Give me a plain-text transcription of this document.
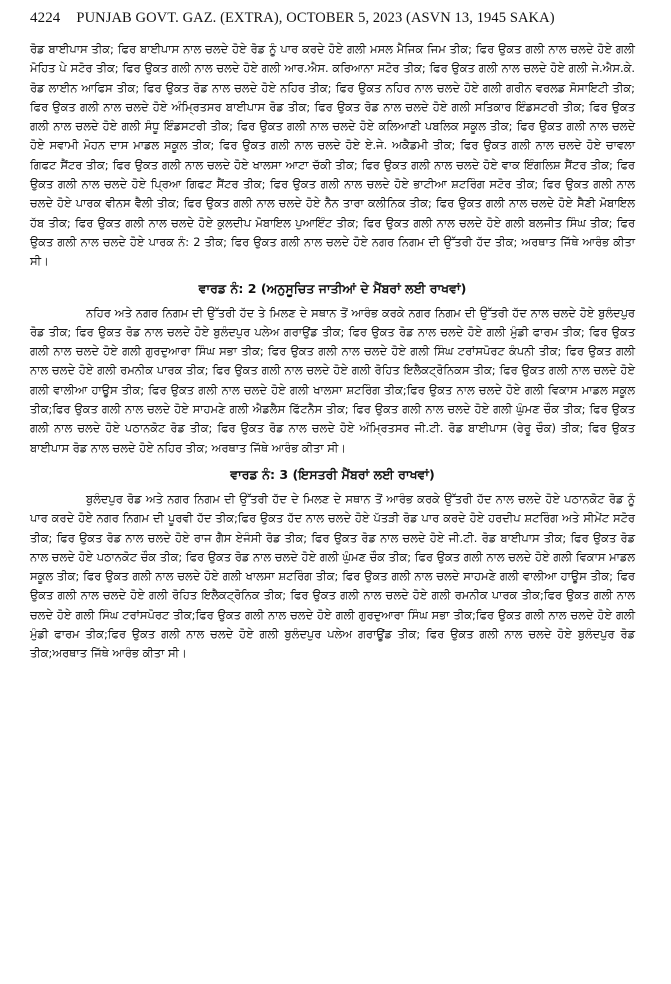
4224 PUNJAB GOVT. GAZ. (EXTRA), OCTOBER 5, 2023 (ASVN 13, 1945 SAKA)

ਰੋਡ ਬਾਈਪਾਸ ਤੀਕ; ਫਿਰ ਬਾਈਪਾਸ ਨਾਲ ਚਲਦੇ ਹੋਏ ਰੋਡ ਨੂੰ ਪਾਰ ਕਰਦੇ ਹੋਏ ਗਲੀ ਮਸਲ ਮੈਜਿਕ ਜਿਮ ਤੀਕ; ਫਿਰ ਉਕਤ ਗਲੀ ਨਾਲ ਚਲਦੇ ਹੋਏ ਗਲੀ ਮੋਹਿਤ ਪੇ ਸਟੋਰ ਤੀਕ; ਫਿਰ ਉਕਤ ਗਲੀ ਨਾਲ ਚਲਦੇ ਹੋਏ ਗਲੀ ਆਰ.ਐਸ. ਕਰਿਆਨਾ ਸਟੋਰ ਤੀਕ; ਫਿਰ ਉਕਤ ਗਲੀ ਨਾਲ ਚਲਦੇ ਹੋਏ ਗਲੀ ਜੇ.ਐਸ.ਕੇ. ਰੋਡ ਲਾਈਨ ਆਫਿਸ ਤੀਕ; ਫਿਰ ਉਕਤ ਰੋਡ ਨਾਲ ਚਲਦੇ ਹੋਏ ਨਹਿਰ ਤੀਕ; ਫਿਰ ਉਕਤ ਨਹਿਰ ਨਾਲ ਚਲਦੇ ਹੋਏ ਗਲੀ ਗਰੀਨ ਵਰਲਡ ਸੋਸਾਇਟੀ ਤੀਕ; ਫਿਰ ਉਕਤ ਗਲੀ ਨਾਲ ਚਲਦੇ ਹੋਏ ਅੰਮ੍ਰਿਤਸਰ ਬਾਈਪਾਸ ਰੋਡ ਤੀਕ; ਫਿਰ ਉਕਤ ਰੋਡ ਨਾਲ ਚਲਦੇ ਹੋਏ ਗਲੀ ਸਤਿਕਾਰ ਇੰਡਸਟਰੀ ਤੀਕ; ਫਿਰ ਉਕਤ ਗਲੀ ਨਾਲ ਚਲਦੇ ਹੋਏ ਗਲੀ ਸੰਧੂ ਇੰਡਸਟਰੀ ਤੀਕ; ਫਿਰ ਉਕਤ ਗਲੀ ਨਾਲ ਚਲਦੇ ਹੋਏ ਕਲਿਆਣੀ ਪਬਲਿਕ ਸਕੂਲ ਤੀਕ; ਫਿਰ ਉਕਤ ਗਲੀ ਨਾਲ ਚਲਦੇ ਹੋਏ ਸਵਾਮੀ ਮੋਹਨ ਦਾਸ ਮਾਡਲ ਸਕੂਲ ਤੀਕ; ਫਿਰ ਉਕਤ ਗਲੀ ਨਾਲ ਚਲਦੇ ਹੋਏ ਏ.ਜੇ. ਅਕੈਡਮੀ ਤੀਕ; ਫਿਰ ਉਕਤ ਗਲੀ ਨਾਲ ਚਲਦੇ ਹੋਏ ਚਾਵਲਾ ਗਿਫਟ ਸੈਂਟਰ ਤੀਕ; ਫਿਰ ਉਕਤ ਗਲੀ ਨਾਲ ਚਲਦੇ ਹੋਏ ਖਾਲਸਾ ਆਟਾ ਚੱਕੀ ਤੀਕ; ਫਿਰ ਉਕਤ ਗਲੀ ਨਾਲ ਚਲਦੇ ਹੋਏ ਵਾਕ ਇੰਗਲਿਸ਼ ਸੈਂਟਰ ਤੀਕ; ਫਿਰ ਉਕਤ ਗਲੀ ਨਾਲ ਚਲਦੇ ਹੋਏ ਪ੍ਰਿਆ ਗਿਫਟ ਸੈਂਟਰ ਤੀਕ; ਫਿਰ ਉਕਤ ਗਲੀ ਨਾਲ ਚਲਦੇ ਹੋਏ ਭਾਟੀਆ ਸ਼ਟਰਿੰਗ ਸਟੋਰ ਤੀਕ; ਫਿਰ ਉਕਤ ਗਲੀ ਨਾਲ ਚਲਦੇ ਹੋਏ ਪਾਰਕ ਵੀਨਸ ਵੈਲੀ ਤੀਕ; ਫਿਰ ਉਕਤ ਗਲੀ ਨਾਲ ਚਲਦੇ ਹੋਏ ਨੈਨ ਤਾਰਾ ਕਲੀਨਿਕ ਤੀਕ; ਫਿਰ ਉਕਤ ਗਲੀ ਨਾਲ ਚਲਦੇ ਹੋਏ ਸੈਣੀ ਮੋਬਾਇਲ ਹੱਬ ਤੀਕ; ਫਿਰ ਉਕਤ ਗਲੀ ਨਾਲ ਚਲਦੇ ਹੋਏ ਕੁਲਦੀਪ ਮੋਬਾਇਲ ਪੁਆਇੰਟ ਤੀਕ; ਫਿਰ ਉਕਤ ਗਲੀ ਨਾਲ ਚਲਦੇ ਹੋਏ ਗਲੀ ਬਲਜੀਤ ਸਿੰਘ ਤੀਕ; ਫਿਰ ਉਕਤ ਗਲੀ ਨਾਲ ਚਲਦੇ ਹੋਏ ਪਾਰਕ ਨੰ: 2 ਤੀਕ; ਫਿਰ ਉਕਤ ਗਲੀ ਨਾਲ ਚਲਦੇ ਹੋਏ ਨਗਰ ਨਿਗਮ ਦੀ ਉੱਤਰੀ ਹੱਦ ਤੀਕ; ਅਰਥਾਤ ਜਿੱਥੇ ਆਰੰਭ ਕੀਤਾ ਸੀ।

ਵਾਰਡ ਨੰ: 2 (ਅਨੁਸੂਚਿਤ ਜਾਤੀਆਂ ਦੇ ਮੈਂਬਰਾਂ ਲਈ ਰਾਖਵਾਂ)

ਨਹਿਰ ਅਤੇ ਨਗਰ ਨਿਗਮ ਦੀ ਉੱਤਰੀ ਹੱਦ ਤੇ ਮਿਲਣ ਦੇ ਸਥਾਨ ਤੋਂ ਆਰੰਭ ਕਰਕੇ ਨਗਰ ਨਿਗਮ ਦੀ ਉੱਤਰੀ ਹੱਦ ਨਾਲ ਚਲਦੇ ਹੋਏ ਬੁਲੰਦਪੁਰ ਰੋਡ ਤੀਕ; ਫਿਰ ਉਕਤ ਰੋਡ ਨਾਲ ਚਲਦੇ ਹੋਏ ਬੁਲੰਦਪੁਰ ਪਲੇਅ ਗਰਾਉਂਡ ਤੀਕ; ਫਿਰ ਉਕਤ ਰੋਡ ਨਾਲ ਚਲਦੇ ਹੋਏ ਗਲੀ ਮੁੰਡੀ ਫਾਰਮ ਤੀਕ; ਫਿਰ ਉਕਤ ਗਲੀ ਨਾਲ ਚਲਦੇ ਹੋਏ ਗਲੀ ਗੁਰਦੁਆਰਾ ਸਿੰਘ ਸਭਾ ਤੀਕ; ਫਿਰ ਉਕਤ ਗਲੀ ਨਾਲ ਚਲਦੇ ਹੋਏ ਗਲੀ ਸਿੰਘ ਟਰਾਂਸਪੋਰਟ ਕੰਪਨੀ ਤੀਕ; ਫਿਰ ਉਕਤ ਗਲੀ ਨਾਲ ਚਲਦੇ ਹੋਏ ਗਲੀ ਰਮਨੀਕ ਪਾਰਕ ਤੀਕ; ਫਿਰ ਉਕਤ ਗਲੀ ਨਾਲ ਚਲਦੇ ਹੋਏ ਗਲੀ ਰੋਹਿਤ ਇਲੈਕਟ੍ਰੋਨਿਕਸ ਤੀਕ; ਫਿਰ ਉਕਤ ਗਲੀ ਨਾਲ ਚਲਦੇ ਹੋਏ ਗਲੀ ਵਾਲੀਆ ਹਾਊਸ ਤੀਕ; ਫਿਰ ਉਕਤ ਗਲੀ ਨਾਲ ਚਲਦੇ ਹੋਏ ਗਲੀ ਖਾਲਸਾ ਸ਼ਟਰਿੰਗ ਤੀਕ;ਫਿਰ ਉਕਤ ਨਾਲ ਚਲਦੇ ਹੋਏ ਗਲੀ ਵਿਕਾਸ ਮਾਡਲ ਸਕੂਲ ਤੀਕ;ਫਿਰ ਉਕਤ ਗਲੀ ਨਾਲ ਚਲਦੇ ਹੋਏ ਸਾਹਮਣੇ ਗਲੀ ਐਡਲੈਸ ਫਿੱਟਨੈਸ ਤੀਕ; ਫਿਰ ਉਕਤ ਗਲੀ ਨਾਲ ਚਲਦੇ ਹੋਏ ਗਲੀ ਘੁੰਮਣ ਚੌਕ ਤੀਕ; ਫਿਰ ਉਕਤ ਗਲੀ ਨਾਲ ਚਲਦੇ ਹੋਏ ਪਠਾਨਕੋਟ ਰੋਡ ਤੀਕ; ਫਿਰ ਉਕਤ ਰੋਡ ਨਾਲ ਚਲਦੇ ਹੋਏ ਅੰਮ੍ਰਿਤਸਰ ਜੀ.ਟੀ. ਰੋਡ ਬਾਈਪਾਸ (ਰੇਰੂ ਚੌਕ) ਤੀਕ; ਫਿਰ ਉਕਤ ਬਾਈਪਾਸ ਰੋਡ ਨਾਲ ਚਲਦੇ ਹੋਏ ਨਹਿਰ ਤੀਕ; ਅਰਥਾਤ ਜਿੱਥੇ ਆਰੰਭ ਕੀਤਾ ਸੀ।

ਵਾਰਡ ਨੰ: 3 (ਇਸਤਰੀ ਮੈਂਬਰਾਂ ਲਈ ਰਾਖਵਾਂ)

ਬੁਲੰਦਪੁਰ ਰੋਡ ਅਤੇ ਨਗਰ ਨਿਗਮ ਦੀ ਉੱਤਰੀ ਹੱਦ ਦੇ ਮਿਲਣ ਦੇ ਸਥਾਨ ਤੋਂ ਆਰੰਭ ਕਰਕੇ ਉੱਤਰੀ ਹੱਦ ਨਾਲ ਚਲਦੇ ਹੋਏ ਪਠਾਨਕੋਟ ਰੋਡ ਨੂੰ ਪਾਰ ਕਰਦੇ ਹੋਏ ਨਗਰ ਨਿਗਮ ਦੀ ਪੂਰਵੀ ਹੱਦ ਤੀਕ;ਫਿਰ ਉਕਤ ਹੱਦ ਨਾਲ ਚਲਦੇ ਹੋਏ ਪੱਤੜੀ ਰੋਡ ਪਾਰ ਕਰਦੇ ਹੋਏ ਹਰਦੀਪ ਸ਼ਟਰਿੰਗ ਅਤੇ ਸੀਮੇਂਟ ਸਟੋਰ ਤੀਕ; ਫਿਰ ਉਕਤ ਰੋਡ ਨਾਲ ਚਲਦੇ ਹੋਏ ਰਾਜ ਗੈਸ ਏਜੰਸੀ ਰੋਡ ਤੀਕ; ਫਿਰ ਉਕਤ ਰੋਡ ਨਾਲ ਚਲਦੇ ਹੋਏ ਜੀ.ਟੀ. ਰੋਡ ਬਾਈਪਾਸ ਤੀਕ; ਫਿਰ ਉਕਤ ਰੋਡ ਨਾਲ ਚਲਦੇ ਹੋਏ ਪਠਾਨਕੋਟ ਚੌਕ ਤੀਕ; ਫਿਰ ਉਕਤ ਰੋਡ ਨਾਲ ਚਲਦੇ ਹੋਏ ਗਲੀ ਘੁੰਮਣ ਚੌਕ ਤੀਕ; ਫਿਰ ਉਕਤ ਗਲੀ ਨਾਲ ਚਲਦੇ ਹੋਏ ਗਲੀ ਵਿਕਾਸ ਮਾਡਲ ਸਕੂਲ ਤੀਕ; ਫਿਰ ਉਕਤ ਗਲੀ ਨਾਲ ਚਲਦੇ ਹੋਏ ਗਲੀ ਖਾਲਸਾ ਸ਼ਟਰਿੰਗ ਤੀਕ; ਫਿਰ ਉਕਤ ਗਲੀ ਨਾਲ ਚਲਦੇ ਸਾਹਮਣੇ ਗਲੀ ਵਾਲੀਆ ਹਾਊਸ ਤੀਕ; ਫਿਰ ਉਕਤ ਗਲੀ ਨਾਲ ਚਲਦੇ ਹੋਏ ਗਲੀ ਰੋਹਿਤ ਇਲੈਕਟ੍ਰੋਨਿਕ ਤੀਕ; ਫਿਰ ਉਕਤ ਗਲੀ ਨਾਲ ਚਲਦੇ ਹੋਏ ਗਲੀ ਰਮਨੀਕ ਪਾਰਕ ਤੀਕ;ਫਿਰ ਉਕਤ ਗਲੀ ਨਾਲ ਚਲਦੇ ਹੋਏ ਗਲੀ ਸਿੰਘ ਟਰਾਂਸਪੋਰਟ ਤੀਕ;ਫਿਰ ਉਕਤ ਗਲੀ ਨਾਲ ਚਲਦੇ ਹੋਏ ਗਲੀ ਗੁਰਦੁਆਰਾ ਸਿੰਘ ਸਭਾ ਤੀਕ;ਫਿਰ ਉਕਤ ਗਲੀ ਨਾਲ ਚਲਦੇ ਹੋਏ ਗਲੀ ਮੁੰਡੀ ਫਾਰਮ ਤੀਕ;ਫਿਰ ਉਕਤ ਗਲੀ ਨਾਲ ਚਲਦੇ ਹੋਏ ਗਲੀ ਬੁਲੰਦਪੁਰ ਪਲੇਅ ਗਰਾਊਂਡ ਤੀਕ; ਫਿਰ ਉਕਤ ਗਲੀ ਨਾਲ ਚਲਦੇ ਹੋਏ ਬੁਲੰਦਪੁਰ ਰੋਡ ਤੀਕ;ਅਰਥਾਤ ਜਿੱਥੇ ਆਰੰਭ ਕੀਤਾ ਸੀ।
